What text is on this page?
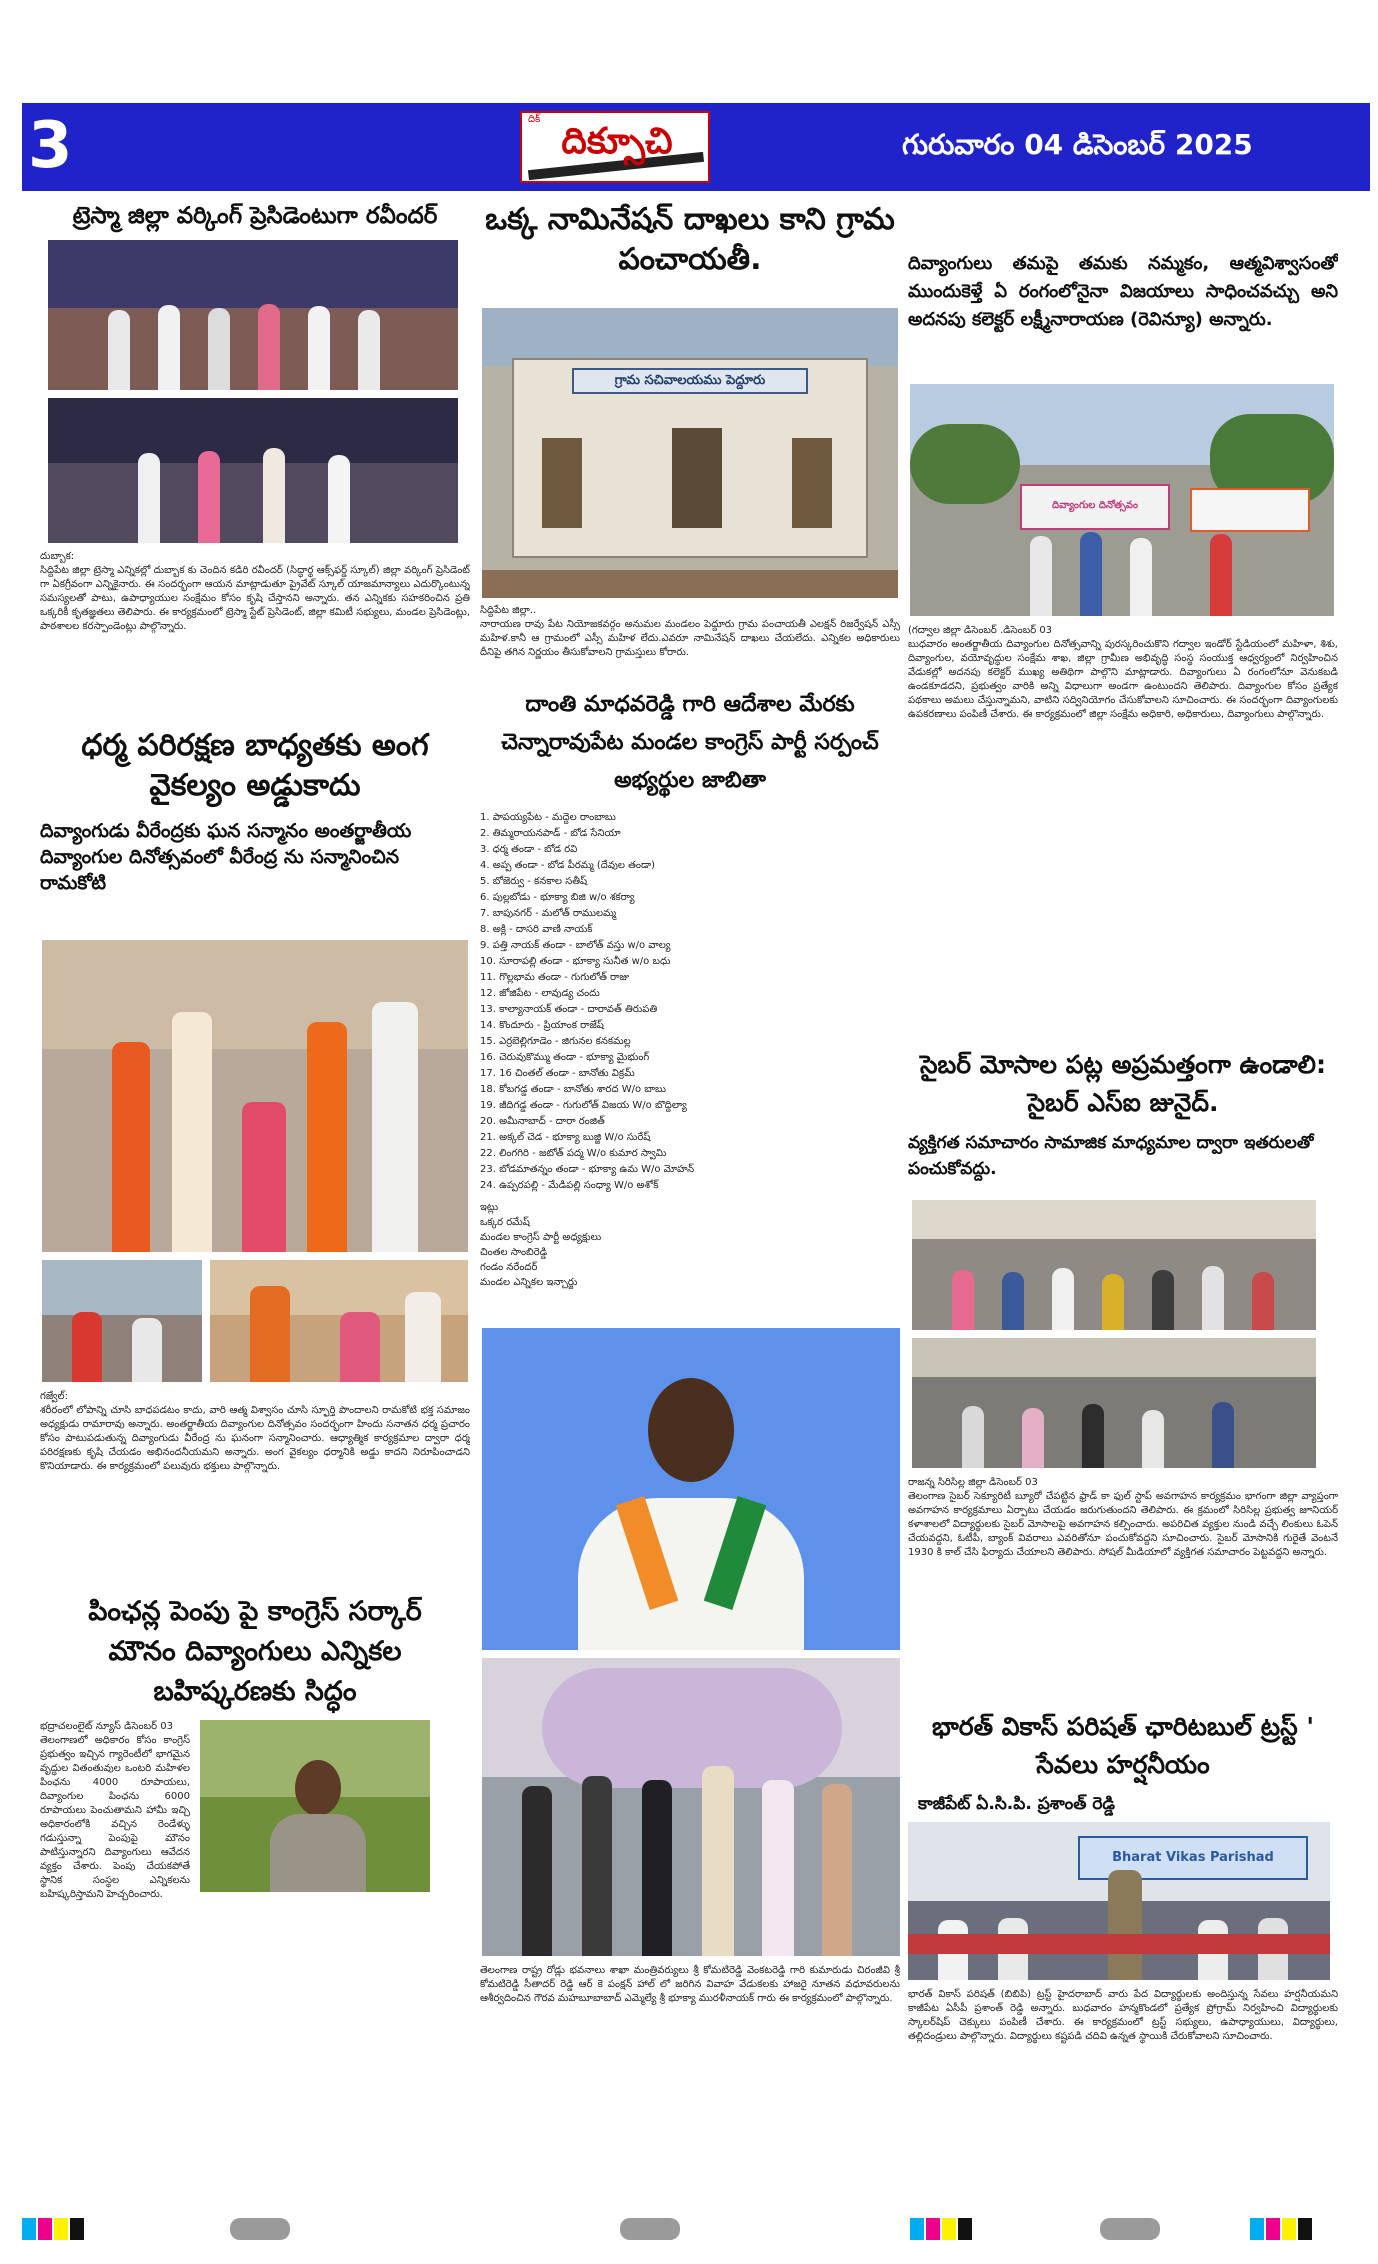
3	దిక్
దిక్సూచి	గురువారం 04 డిసెంబర్ 2025
ట్రెస్మా జిల్లా వర్కింగ్ ప్రెసిడెంటుగా రవీందర్
దుబ్బాక:
సిద్దిపేట జిల్లా ట్రెస్మా ఎన్నికల్లో దుబ్బాక కు చెందిన కడిరి రవీందర్ (సిద్ధార్థ ఆక్స్‌ఫర్డ్ స్కూల్) జిల్లా వర్కింగ్ ప్రెసిడెంట్ గా ఏకగ్రీవంగా ఎన్నికైనారు. ఈ సందర్భంగా ఆయన మాట్లాడుతూ ప్రైవేట్ స్కూల్ యాజమాన్యాలు ఎదుర్కొంటున్న సమస్యలతో పాటు, ఉపాధ్యాయుల సంక్షేమం కోసం కృషి చేస్తానని అన్నారు. తన ఎన్నికకు సహకరించిన ప్రతి ఒక్కరికీ కృతజ్ఞతలు తెలిపారు. ఈ కార్యక్రమంలో ట్రెస్మా స్టేట్ ప్రెసిడెంట్, జిల్లా కమిటీ సభ్యులు, మండల ప్రెసిడెంట్లు, పాఠశాలల కరస్పాండెంట్లు పాల్గొన్నారు.
ధర్మ పరిరక్షణ బాధ్యతకు అంగ వైకల్యం అడ్డుకాదు
దివ్యాంగుడు వీరేంద్రకు ఘన సన్మానం అంతర్జాతీయ దివ్యాంగుల దినోత్సవంలో వీరేంద్ర ను సన్మానించిన రామకోటి
గజ్వేల్:
శరీరంలో లోపాన్ని చూసి బాధపడటం కాదు, వారి ఆత్మ విశ్వాసం చూసి స్ఫూర్తి పొందాలని రామకోటి భక్త సమాజం అధ్యక్షుడు రామారావు అన్నారు. అంతర్జాతీయ దివ్యాంగుల దినోత్సవం సందర్భంగా హిందు సనాతన ధర్మ ప్రచారం కోసం పాటుపడుతున్న దివ్యాంగుడు వీరేంద్ర ను ఘనంగా సన్మానించారు. ఆధ్యాత్మిక కార్యక్రమాల ద్వారా ధర్మ పరిరక్షణకు కృషి చేయడం అభినందనీయమని అన్నారు. అంగ వైకల్యం ధర్మానికి అడ్డు కాదని నిరూపించాడని కొనియాడారు. ఈ కార్యక్రమంలో పలువురు భక్తులు పాల్గొన్నారు.
పింఛన్ల పెంపు పై కాంగ్రెస్ సర్కార్ మౌనం దివ్యాంగులు ఎన్నికల బహిష్కరణకు సిద్ధం
భద్రాచలంలైట్ న్యూస్ డిసెంబర్ 03
తెలంగాణలో అధికారం కోసం కాంగ్రెస్ ప్రభుత్వం ఇచ్చిన గ్యారెంటీలో భాగమైన వృద్ధుల వితంతువుల ఒంటరి మహిళల పింఛను 4000 రూపాయలు, దివ్యాంగుల పింఛను 6000 రూపాయలు పెంచుతామని హామీ ఇచ్చి అధికారంలోకి వచ్చిన రెండేళ్ళు గడుస్తున్నా పెంపుపై మౌనం పాటిస్తున్నారని దివ్యాంగులు ఆవేదన వ్యక్తం చేశారు. పెంపు చేయకపోతే స్థానిక సంస్థల ఎన్నికలను బహిష్కరిస్తామని హెచ్చరించారు.
ఒక్క నామినేషన్ దాఖలు కాని గ్రామ పంచాయతీ.
గ్రామ సచివాలయము పెద్దూరు
సిద్దిపేట జిల్లా..
నారాయణ రావు పేట నియోజకవర్గం అనుమల మండలం పెద్దూరు గ్రామ పంచాయతీ ఎలక్షన్ రిజర్వేషన్ ఎస్సీ మహిళ.కానీ ఆ గ్రామంలో ఎస్సీ మహిళ లేదు.ఎవరూ నామినేషన్ దాఖలు చేయలేదు. ఎన్నికల అధికారులు దీనిపై తగిన నిర్ణయం తీసుకోవాలని గ్రామస్తులు కోరారు.
దాంతి మాధవరెడ్డి గారి ఆదేశాల మేరకు చెన్నారావుపేట మండల కాంగ్రెస్ పార్టీ సర్పంచ్ అభ్యర్థుల జాబితా
1. పాపయ్యపేట - మద్దెల రాంబాబు
2. తిమ్మరాయనపాడ్ - బోడ సేనియా
3. ధర్మ తండా - బోడ రవి
4. అప్ప తండా - బోడ పీరమ్మ (దేవుల తండా)
5. బోజెర్వు - కనకాల సతీష్
6. పుల్లబోడు - భూక్యా బిజి w/o శకర్యా
7. బాపునగర్ - మలోత్ రాములమ్మ
8. అక్లి - దాసరి వాణి నాయక్
9. పత్తి నాయక్ తండా - బాలోత్ వస్తు w/o వాల్య
10. సూరాపల్లి తండా - భూక్యా సునీత w/o బధు
11. గొల్లభామ తండా - గుగులోత్ రాజు
12. జోజిపేట - లావుడ్య చందు
13. కాల్యానాయక్ తండా - దారావత్ తిరుపతి
14. కొందూరు - ప్రియాంక రాజేష్
15. ఎర్రబెల్లిగూడెం - జిగునల కనకమల్ల
16. చెరువుకొమ్ము తండా - భూక్యా మైభుంగ్
17. 16 చింతల్ తండా - బానోతు విక్రమ్
18. కోబగడ్డ తండా - బానోతు శారద W/o బాబు
19. జీదిగడ్డ తండా - గుగులోత్ విజయ W/o బొద్దిల్యా
20. అమీనాబాద్ - దారా రంజిత్
21. అక్కల్ చెడ - భూక్యా బుజ్జి W/o సురేష్
22. లింగగిరి - జటోత్ పద్మ W/o కుమార స్వామి
23. బోడమాతన్నం తండా - భూక్యా ఉమ W/o మోహన్
24. ఉప్పరపల్లి - మేడిపల్లి సంధ్యా W/o అశోక్
ఇట్లు
ఒక్కర రమేష్
మండల కాంగ్రెస్ పార్టీ అధ్యక్షులు
చింతల సాంబిరెడ్డి
గండం నరేందర్
మండల ఎన్నికల ఇన్చార్జు
తెలంగాణ రాష్ట్ర రోడ్లు భవనాలు శాఖా మంత్రివర్యులు శ్రీ కోమటిరెడ్డి వెంకటరెడ్డి గారి కుమారుడు చిరంజీవి శ్రీ కోమటిరెడ్డి సీతాదర్ రెడ్డి ఆర్ కె పంక్షన్ హాల్ లో జరిగిన వివాహ వేడుకలకు హాజరై నూతన వధూవరులను ఆశీర్వదించిన గౌరవ మహబూబాబాద్ ఎమ్మెల్యే శ్రీ భూక్యా మురళీనాయక్ గారు ఈ కార్యక్రమంలో పాల్గొన్నారు.
దివ్యాంగులు తమపై తమకు నమ్మకం, ఆత్మవిశ్వాసంతో ముందుకెళ్తే ఏ రంగంలోనైనా విజయాలు సాధించవచ్చు అని అదనపు కలెక్టర్ లక్ష్మీనారాయణ (రెవిన్యూ) అన్నారు.
దివ్యాంగుల దినోత్సవం
(గద్వాల జిల్లా డిసెంబర్ .డిసెంబర్ 03
బుధవారం అంతర్జాతీయ దివ్యాంగుల దినోత్సవాన్ని పురస్కరించుకొని గద్వాల ఇండోర్ స్టేడియంలో మహిళా, శిశు, దివ్యాంగుల, వయోవృద్ధుల సంక్షేమ శాఖ, జిల్లా గ్రామీణ అభివృద్ధి సంస్థ సంయుక్త ఆధ్వర్యంలో నిర్వహించిన వేడుకల్లో అదనపు కలెక్టర్ ముఖ్య అతిథిగా పాల్గొని మాట్లాడారు. దివ్యాంగులు ఏ రంగంలోనూ వెనుకబడి ఉండకూడదని, ప్రభుత్వం వారికి అన్ని విధాలుగా అండగా ఉంటుందని తెలిపారు. దివ్యాంగుల కోసం ప్రత్యేక పథకాలు అమలు చేస్తున్నామని, వాటిని సద్వినియోగం చేసుకోవాలని సూచించారు. ఈ సందర్భంగా దివ్యాంగులకు ఉపకరణాలు పంపిణీ చేశారు. ఈ కార్యక్రమంలో జిల్లా సంక్షేమ అధికారి, అధికారులు, దివ్యాంగులు పాల్గొన్నారు.
సైబర్ మోసాల పట్ల అప్రమత్తంగా ఉండాలి: సైబర్ ఎస్ఐ జునైద్.
వ్యక్తిగత సమాచారం సామాజిక మాధ్యమాల ద్వారా ఇతరులతో పంచుకోవద్దు.
రాజన్న సిరిసిల్ల జిల్లా డిసెంబర్ 03
తెలంగాణ సైబర్ సెక్యూరిటీ బ్యూరో చేపట్టిన ఫ్రాడ్ కా ఫుల్ స్టాప్ అవగాహన కార్యక్రమం భాగంగా జిల్లా వ్యాప్తంగా అవగాహన కార్యక్రమాలు ఏర్పాటు చేయడం జరుగుతుందని తెలిపారు. ఈ క్రమంలో సిరిసిల్ల ప్రభుత్వ జూనియర్ కళాశాలలో విద్యార్థులకు సైబర్ మోసాలపై అవగాహన కల్పించారు. అపరిచిత వ్యక్తుల నుండి వచ్చే లింకులు ఓపెన్ చేయవద్దని, ఓటీపీ, బ్యాంక్ వివరాలు ఎవరితోనూ పంచుకోవద్దని సూచించారు. సైబర్ మోసానికి గురైతే వెంటనే 1930 కి కాల్ చేసి ఫిర్యాదు చేయాలని తెలిపారు. సోషల్ మీడియాలో వ్యక్తిగత సమాచారం పెట్టవద్దని అన్నారు.
భారత్ వికాస్ పరిషత్ ఛారిటబుల్ ట్రస్ట్ ' సేవలు హర్షనీయం
కాజీపేట్ ఏ.సి.పి. ప్రశాంత్ రెడ్డి
Bharat Vikas Parishad
భారత్ వికాస్ పరిషత్ (బిబిపి) ట్రస్ట్ హైదరాబాద్ వారు పేద విద్యార్థులకు అందిస్తున్న సేవలు హర్షనీయమని కాజీపేట ఏసీపీ ప్రశాంత్ రెడ్డి అన్నారు. బుధవారం హన్మకొండలో ప్రత్యేక ప్రోగ్రామ్ నిర్వహించి విద్యార్థులకు స్కాలర్‌షిప్ చెక్కులు పంపిణీ చేశారు. ఈ కార్యక్రమంలో ట్రస్ట్ సభ్యులు, ఉపాధ్యాయులు, విద్యార్థులు, తల్లిదండ్రులు పాల్గొన్నారు. విద్యార్థులు కష్టపడి చదివి ఉన్నత స్థాయికి చేరుకోవాలని సూచించారు.
